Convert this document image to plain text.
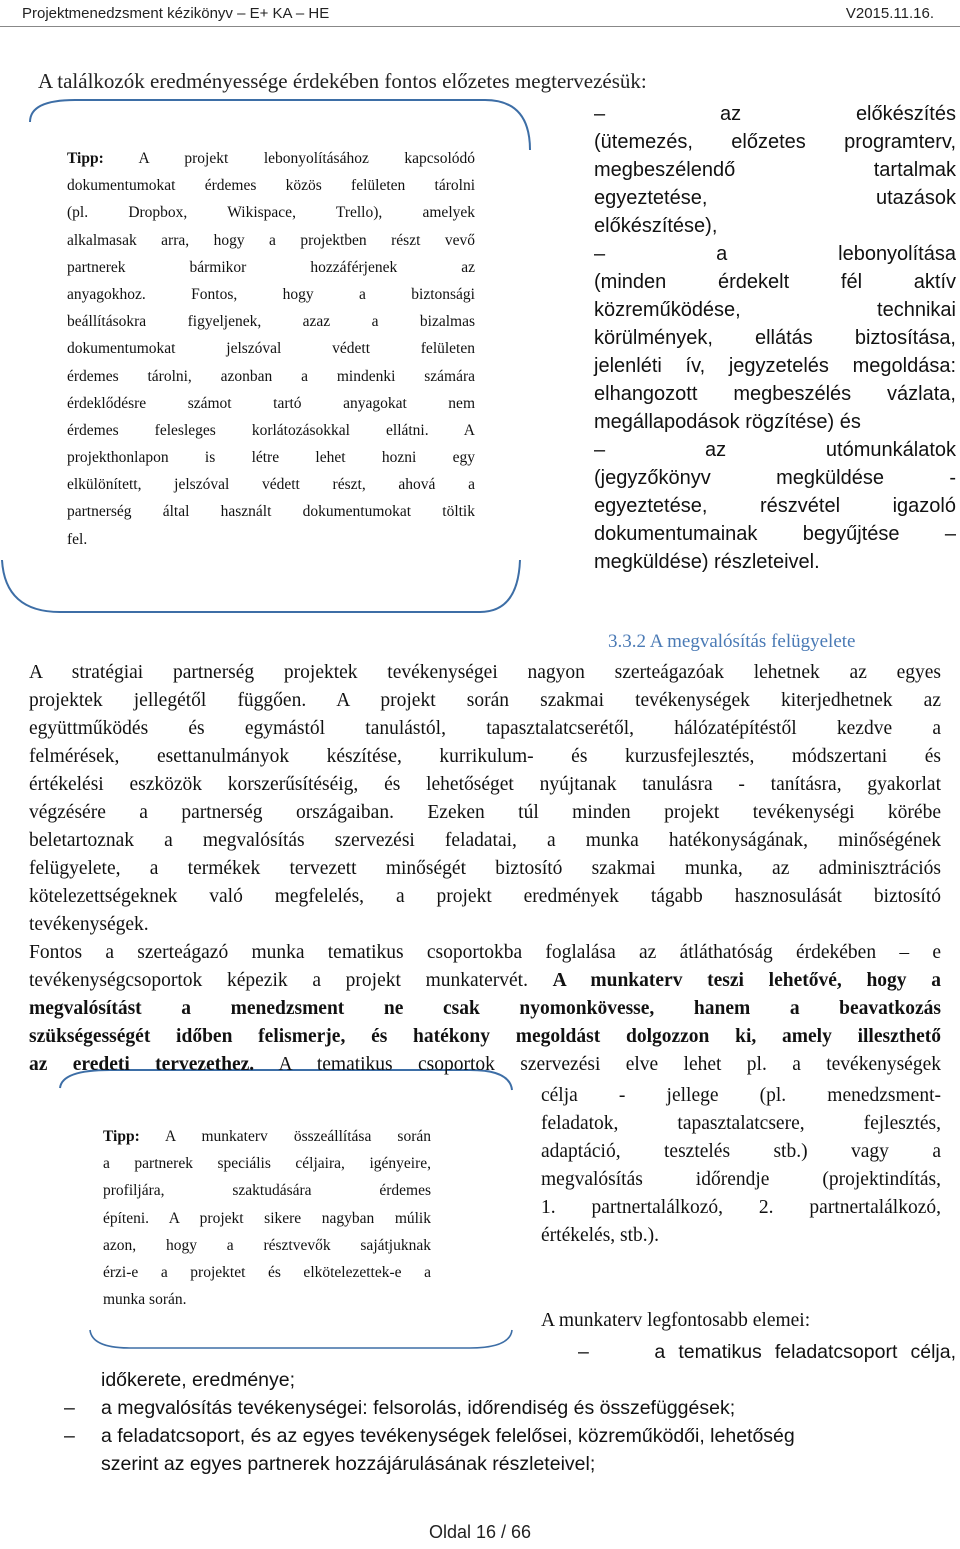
Projektmenedzsment kézikönyv – E+ KA – HE	V2015.11.16.
A találkozók eredményessége érdekében fontos előzetes megtervezésük:
– az előkészítés
(ütemezés, előzetes programterv,
megbeszélendő tartalmak
egyeztetése, utazások
előkészítése),
– a lebonyolítása
(minden érdekelt fél aktív
közreműködése, technikai
körülmények, ellátás biztosítása,
jelenléti ív, jegyzetelés megoldása:
elhangozott megbeszélés vázlata,
megállapodások rögzítése) és
– az utómunkálatok
(jegyzőkönyv megküldése -
egyeztetése, részvétel igazoló
dokumentumainak begyűjtése –
megküldése) részleteivel.
Tipp: A projekt lebonyolításához kapcsolódó
dokumentumokat érdemes közös felületen tárolni
(pl. Dropbox, Wikispace, Trello), amelyek
alkalmasak arra, hogy a projektben részt vevő
partnerek bármikor hozzáférjenek az
anyagokhoz. Fontos, hogy a biztonsági
beállításokra figyeljenek, azaz a bizalmas
dokumentumokat jelszóval védett felületen
érdemes tárolni, azonban a mindenki számára
érdeklődésre számot tartó anyagokat nem
érdemes felesleges korlátozásokkal ellátni. A
projekthonlapon is létre lehet hozni egy
elkülönített, jelszóval védett részt, ahová a
partnerség által használt dokumentumokat töltik
fel.
3.3.2 A megvalósítás felügyelete
A stratégiai partnerség projektek tevékenységei nagyon szerteágazóak lehetnek az egyes
projektek jellegétől függően. A projekt során szakmai tevékenységek kiterjedhetnek az
együttműködés és egymástól tanulástól, tapasztalatcserétől, hálózatépítéstől kezdve a
felmérések, esettanulmányok készítése, kurrikulum- és kurzusfejlesztés, módszertani és
értékelési eszközök korszerűsítéséig, és lehetőséget nyújtanak tanulásra - tanításra, gyakorlat
végzésére a partnerség országaiban. Ezeken túl minden projekt tevékenységi körébe
beletartoznak a megvalósítás szervezési feladatai, a munka hatékonyságának, minőségének
felügyelete, a termékek tervezett minőségét biztosító szakmai munka, az adminisztrációs
kötelezettségeknek való megfelelés, a projekt eredmények tágabb hasznosulását biztosító
tevékenységek.
Fontos a szerteágazó munka tematikus csoportokba foglalása az átláthatóság érdekében – e
tevékenységcsoportok képezik a projekt munkatervét. A munkaterv teszi lehetővé, hogy a
megvalósítást a menedzsment ne csak nyomonkövesse, hanem a beavatkozás
szükségességét időben felismerje, és hatékony megoldást dolgozzon ki, amely illeszthető
az eredeti tervezethez. A tematikus csoportok szervezési elve lehet pl. a tevékenységek
célja - jellege (pl. menedzsment-
feladatok, tapasztalatcsere, fejlesztés,
adaptáció, tesztelés stb.) vagy a
megvalósítás időrendje (projektindítás,
1. partnertalálkozó, 2. partnertalálkozó,
értékelés, stb.).
Tipp: A munkaterv összeállítása során
a partnerek speciális céljaira, igényeire,
profiljára, szaktudására érdemes
építeni. A projekt sikere nagyban múlik
azon, hogy a résztvevők sajátjuknak
érzi-e a projektet és elkötelezettek-e a
munka során.
A munkaterv legfontosabb elemei:
–	a tematikus feladatcsoport célja,
időkerete, eredménye;
– a megvalósítás tevékenységei: felsorolás, időrendiség és összefüggések;
– a feladatcsoport, és az egyes tevékenységek felelősei, közreműködői, lehetőség
szerint az egyes partnerek hozzájárulásának részleteivel;
Oldal 16 / 66
